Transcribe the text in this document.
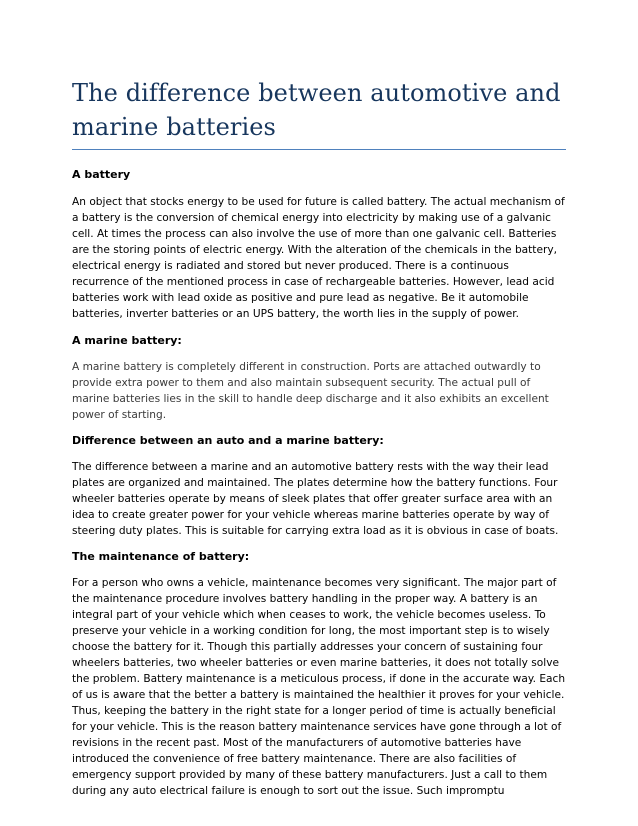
The difference between automotive and marine batteries
A battery

An object that stocks energy to be used for future is called battery. The actual mechanism of a battery is the conversion of chemical energy into electricity by making use of a galvanic cell. At times the process can also involve the use of more than one galvanic cell. Batteries are the storing points of electric energy. With the alteration of the chemicals in the battery, electrical energy is radiated and stored but never produced. There is a continuous recurrence of the mentioned process in case of rechargeable batteries. However, lead acid batteries work with lead oxide as positive and pure lead as negative. Be it automobile batteries, inverter batteries or an UPS battery, the worth lies in the supply of power.

A marine battery:

A marine battery is completely different in construction. Ports are attached outwardly to provide extra power to them and also maintain subsequent security. The actual pull of marine batteries lies in the skill to handle deep discharge and it also exhibits an excellent power of starting.

Difference between an auto and a marine battery:

The difference between a marine and an automotive battery rests with the way their lead plates are organized and maintained. The plates determine how the battery functions. Four wheeler batteries operate by means of sleek plates that offer greater surface area with an idea to create greater power for your vehicle whereas marine batteries operate by way of steering duty plates. This is suitable for carrying extra load as it is obvious in case of boats.

The maintenance of battery:

For a person who owns a vehicle, maintenance becomes very significant. The major part of the maintenance procedure involves battery handling in the proper way. A battery is an integral part of your vehicle which when ceases to work, the vehicle becomes useless. To preserve your vehicle in a working condition for long, the most important step is to wisely choose the battery for it. Though this partially addresses your concern of sustaining four wheelers batteries, two wheeler batteries or even marine batteries, it does not totally solve the problem. Battery maintenance is a meticulous process, if done in the accurate way. Each of us is aware that the better a battery is maintained the healthier it proves for your vehicle. Thus, keeping the battery in the right state for a longer period of time is actually beneficial for your vehicle. This is the reason battery maintenance services have gone through a lot of revisions in the recent past. Most of the manufacturers of automotive batteries have introduced the convenience of free battery maintenance. There are also facilities of emergency support provided by many of these battery manufacturers. Just a call to them during any auto electrical failure is enough to sort out the issue. Such impromptu
